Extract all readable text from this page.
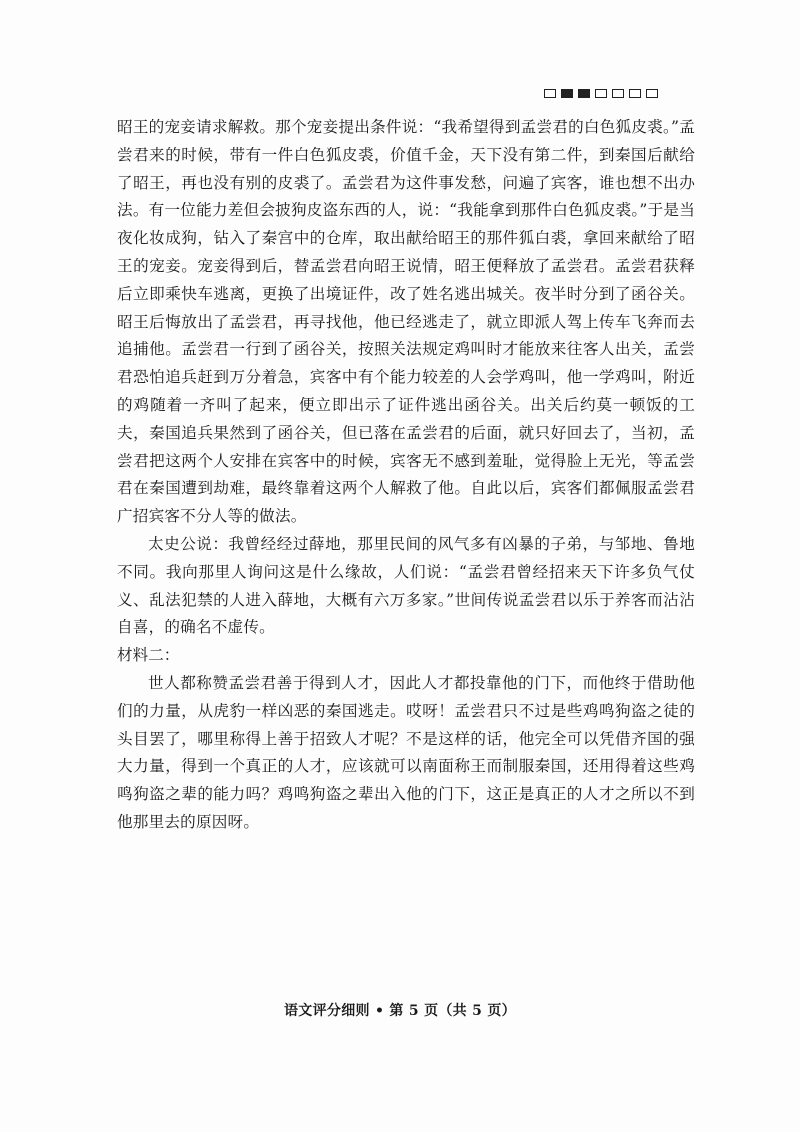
昭王的宠妾请求解救。那个宠妾提出条件说：“我希望得到孟尝君的白色狐皮裘。”孟尝君来的时候，带有一件白色狐皮裘，价值千金，天下没有第二件，到秦国后献给了昭王，再也没有别的皮裘了。孟尝君为这件事发愁，问遍了宾客，谁也想不出办法。有一位能力差但会披狗皮盗东西的人，说：“我能拿到那件白色狐皮裘。”于是当夜化妆成狗，钻入了秦宫中的仓库，取出献给昭王的那件狐白裘，拿回来献给了昭王的宠妾。宠妾得到后，替孟尝君向昭王说情，昭王便释放了孟尝君。孟尝君获释后立即乘快车逃离，更换了出境证件，改了姓名逃出城关。夜半时分到了函谷关。昭王后悔放出了孟尝君，再寻找他，他已经逃走了，就立即派人驾上传车飞奔而去追捕他。孟尝君一行到了函谷关，按照关法规定鸡叫时才能放来往客人出关，孟尝君恐怕追兵赶到万分着急，宾客中有个能力较差的人会学鸡叫，他一学鸡叫，附近的鸡随着一齐叫了起来，便立即出示了证件逃出函谷关。出关后约莫一顿饭的工夫，秦国追兵果然到了函谷关，但已落在孟尝君的后面，就只好回去了，当初，孟尝君把这两个人安排在宾客中的时候，宾客无不感到羞耻，觉得脸上无光，等孟尝君在秦国遭到劫难，最终靠着这两个人解救了他。自此以后，宾客们都佩服孟尝君广招宾客不分人等的做法。

太史公说：我曾经经过薛地，那里民间的风气多有凶暴的子弟，与邹地、鲁地不同。我向那里人询问这是什么缘故，人们说：“孟尝君曾经招来天下许多负气仗义、乱法犯禁的人进入薛地，大概有六万多家。”世间传说孟尝君以乐于养客而沾沾自喜，的确名不虚传。

材料二：

世人都称赞孟尝君善于得到人才，因此人才都投靠他的门下，而他终于借助他们的力量，从虎豹一样凶恶的秦国逃走。哎呀！孟尝君只不过是些鸡鸣狗盗之徒的头目罢了，哪里称得上善于招致人才呢？不是这样的话，他完全可以凭借齐国的强大力量，得到一个真正的人才，应该就可以南面称王而制服秦国，还用得着这些鸡鸣狗盗之辈的能力吗？鸡鸣狗盗之辈出入他的门下，这正是真正的人才之所以不到他那里去的原因呀。

语文评分细则 • 第 5 页（共 5 页）
